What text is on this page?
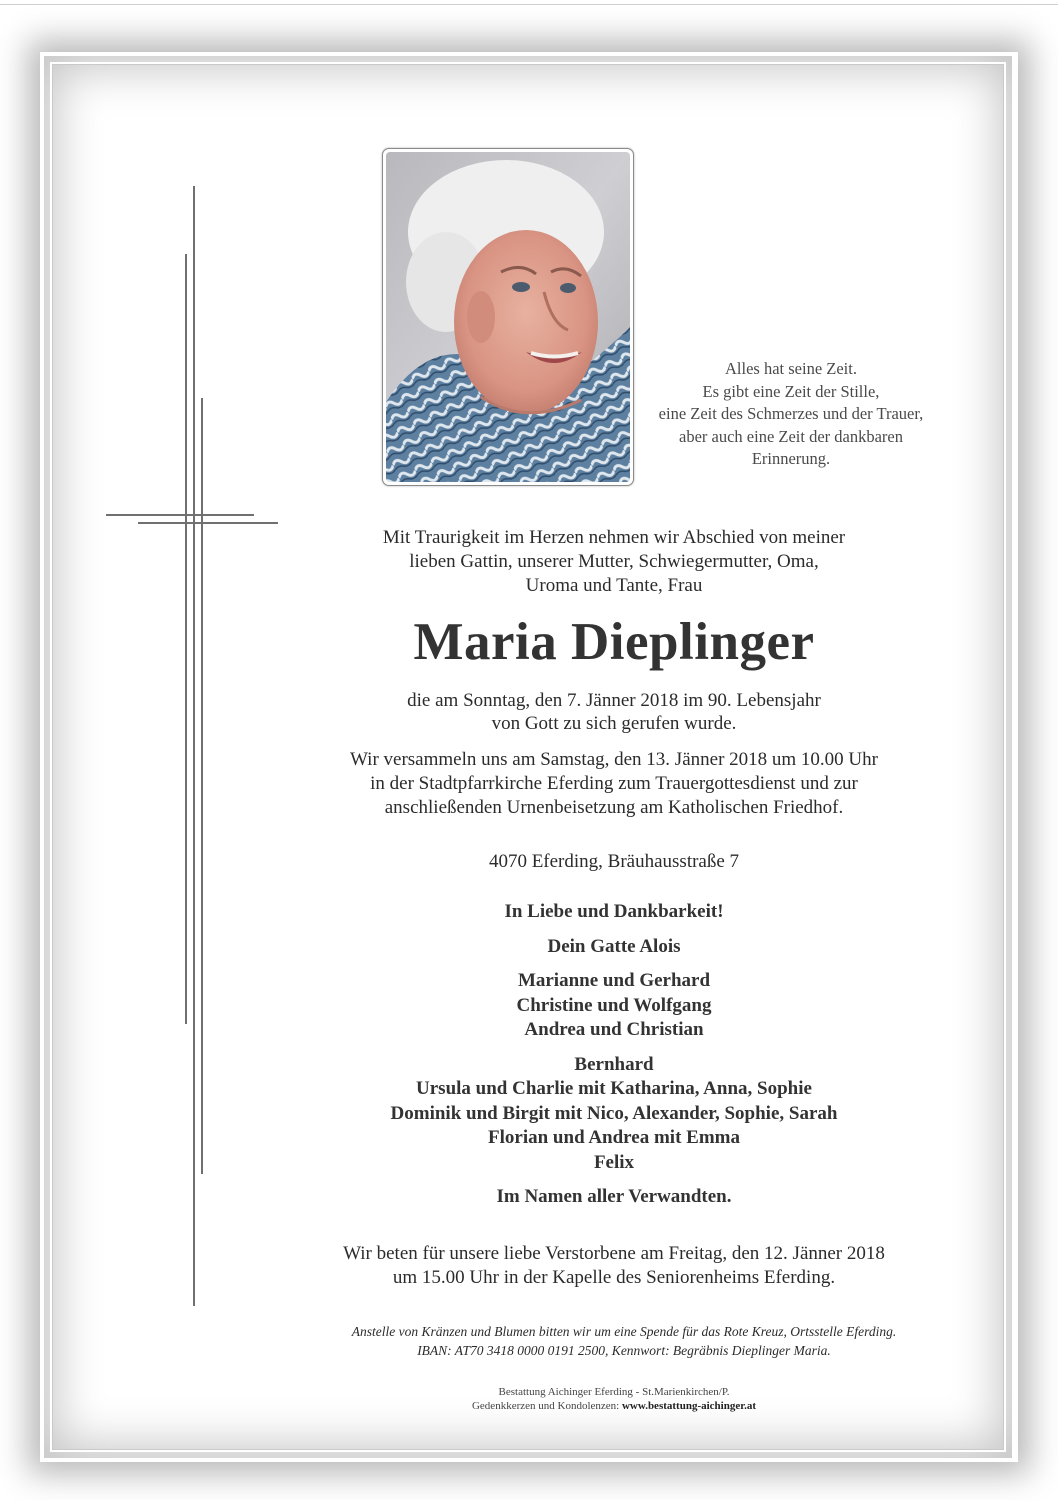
Alles hat seine Zeit.
Es gibt eine Zeit der Stille,
eine Zeit des Schmerzes und der Trauer,
aber auch eine Zeit der dankbaren
Erinnerung.
Mit Traurigkeit im Herzen nehmen wir Abschied von meiner
lieben Gattin, unserer Mutter, Schwiegermutter, Oma,
Uroma und Tante, Frau
Maria Dieplinger
die am Sonntag, den 7. Jänner 2018 im 90. Lebensjahr
von Gott zu sich gerufen wurde.
Wir versammeln uns am Samstag, den 13. Jänner 2018 um 10.00 Uhr
in der Stadtpfarrkirche Eferding zum Trauergottesdienst und zur
anschließenden Urnenbeisetzung am Katholischen Friedhof.
4070 Eferding, Bräuhausstraße 7
In Liebe und Dankbarkeit!
Dein Gatte Alois
Marianne und Gerhard
Christine und Wolfgang
Andrea und Christian
Bernhard
Ursula und Charlie mit Katharina, Anna, Sophie
Dominik und Birgit mit Nico, Alexander, Sophie, Sarah
Florian und Andrea mit Emma
Felix
Im Namen aller Verwandten.
Wir beten für unsere liebe Verstorbene am Freitag, den 12. Jänner 2018
um 15.00 Uhr in der Kapelle des Seniorenheims Eferding.
Anstelle von Kränzen und Blumen bitten wir um eine Spende für das Rote Kreuz, Ortsstelle Eferding.
IBAN: AT70 3418 0000 0191 2500, Kennwort: Begräbnis Dieplinger Maria.
Bestattung Aichinger Eferding - St.Marienkirchen/P.
Gedenkkerzen und Kondolenzen: www.bestattung-aichinger.at
